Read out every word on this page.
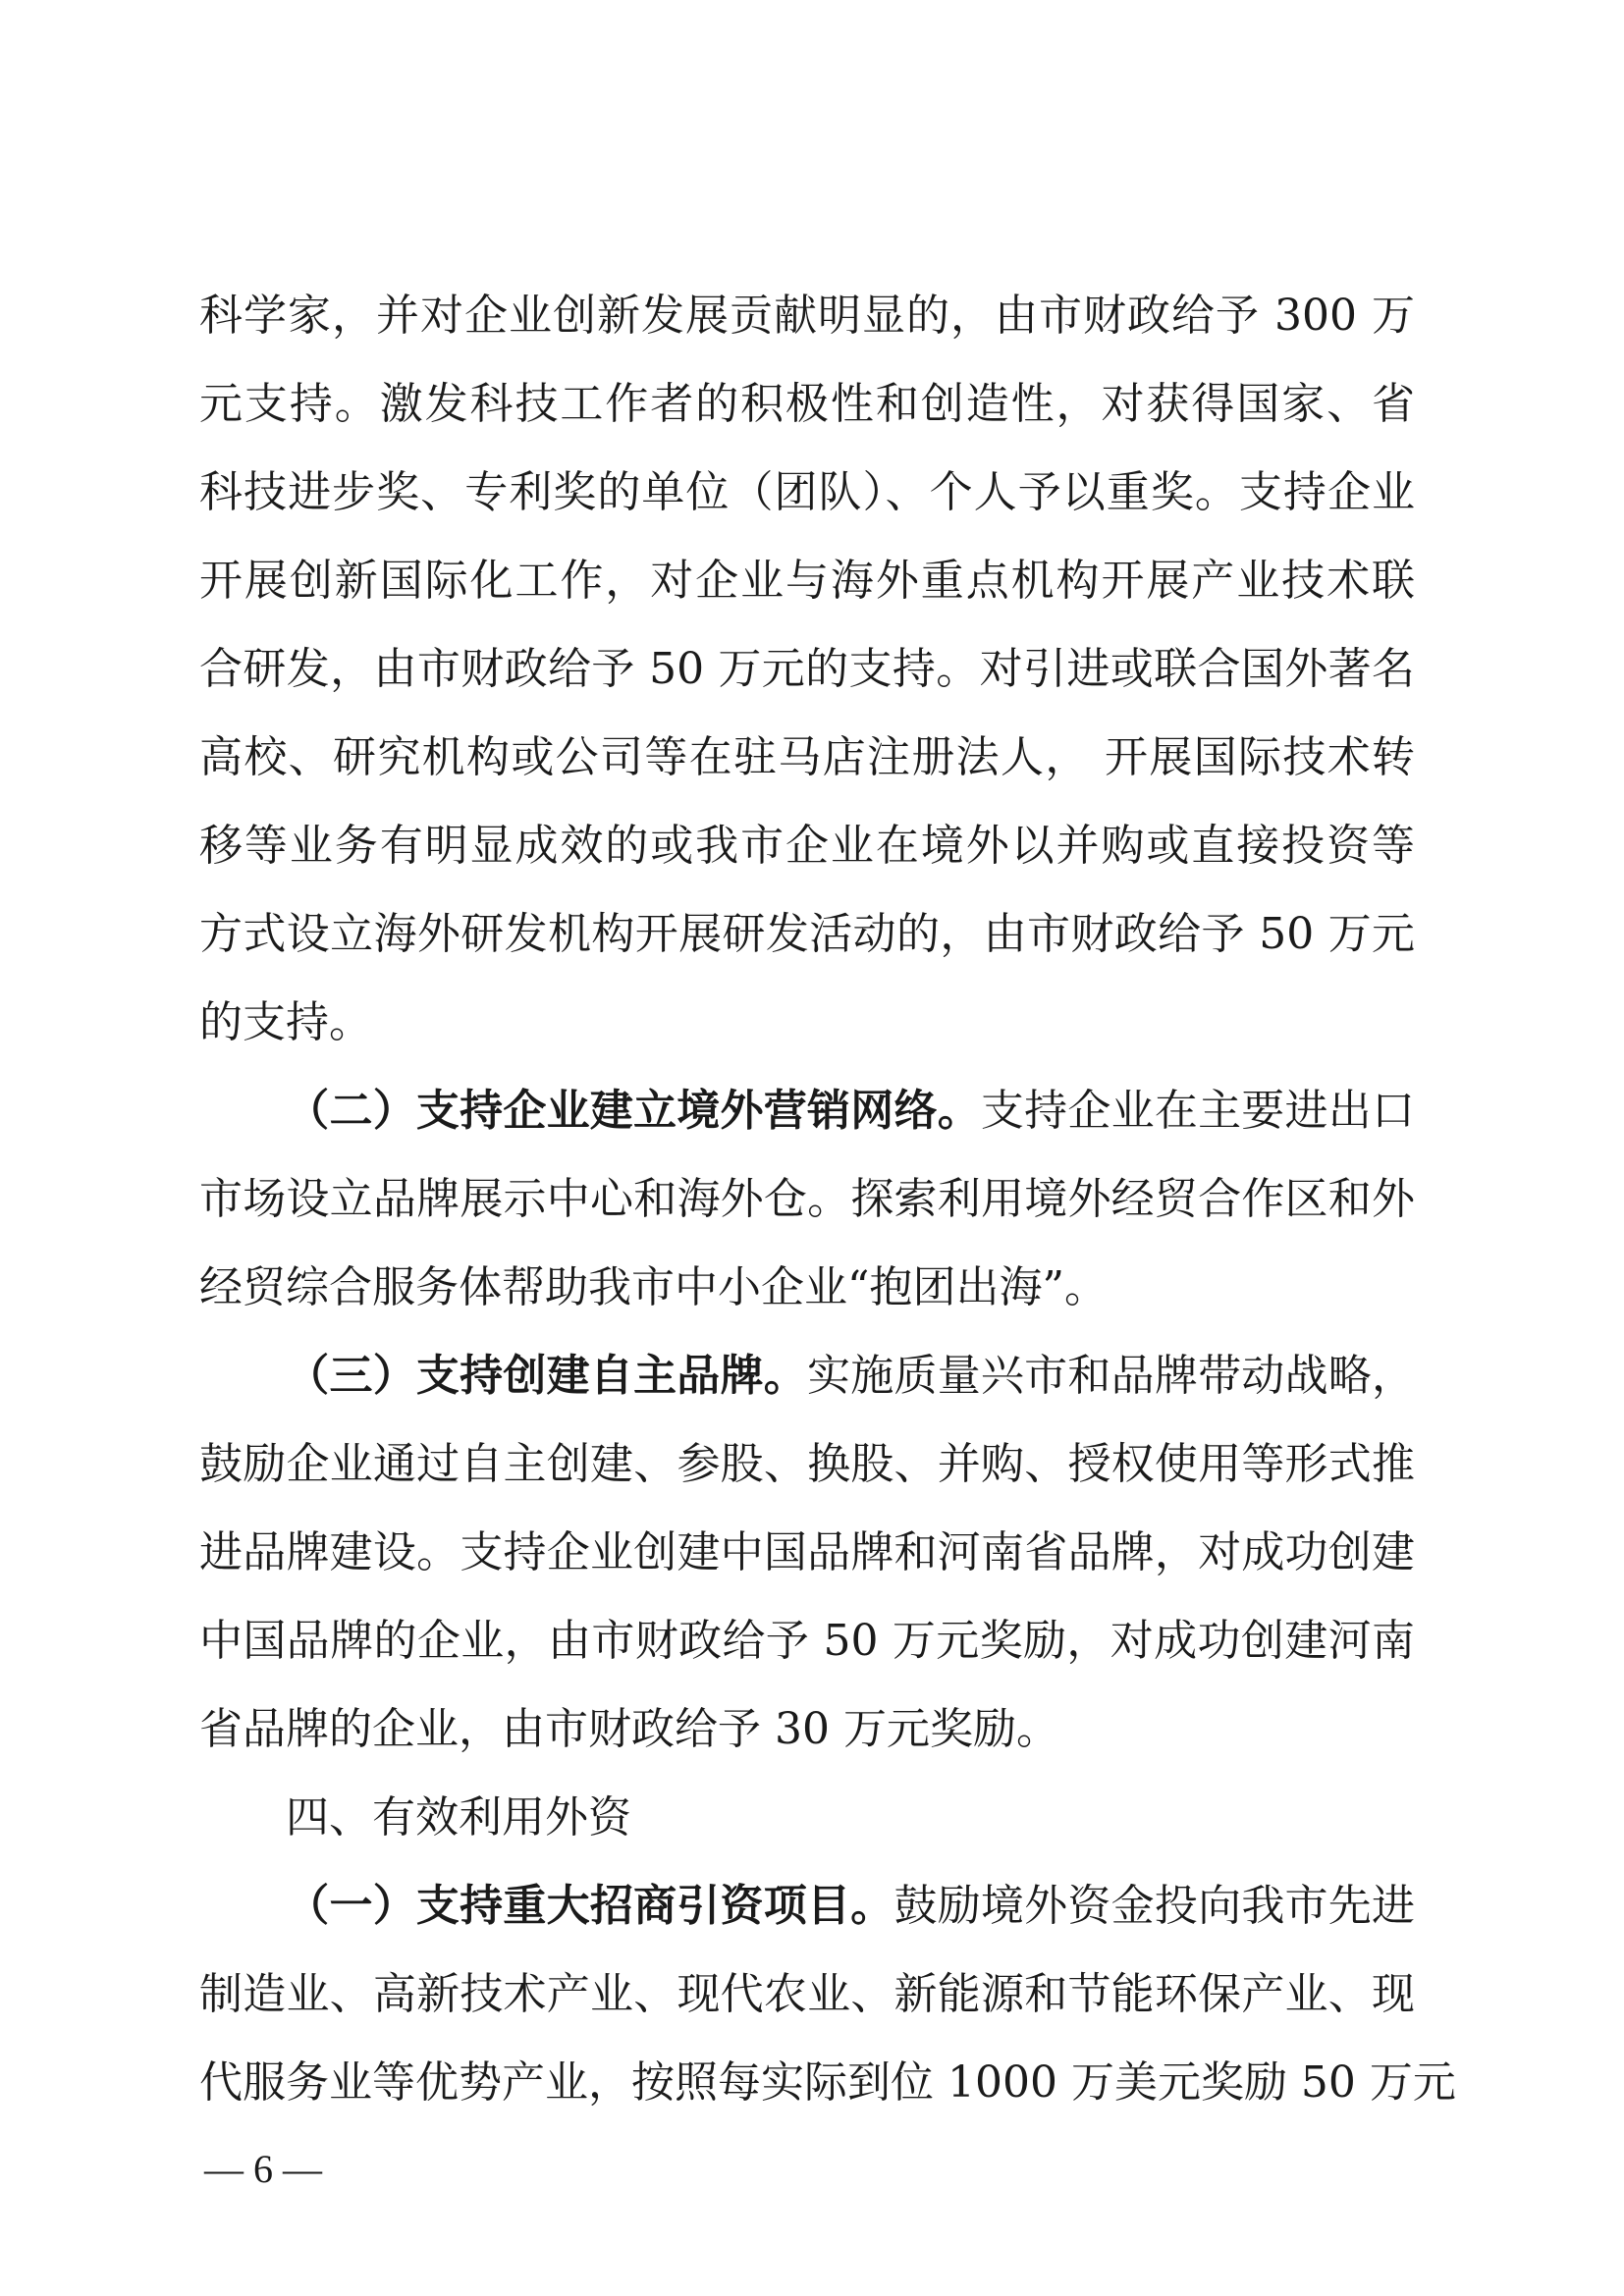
科学家，并对企业创新发展贡献明显的，由市财政给予 300 万
元支持。激发科技工作者的积极性和创造性，对获得国家、省
科技进步奖、专利奖的单位（团队）、个人予以重奖。支持企业
开展创新国际化工作，对企业与海外重点机构开展产业技术联
合研发，由市财政给予 50 万元的支持。对引进或联合国外著名
高校、研究机构或公司等在驻马店注册法人， 开展国际技术转
移等业务有明显成效的或我市企业在境外以并购或直接投资等
方式设立海外研发机构开展研发活动的，由市财政给予 50 万元
的支持。
（二）支持企业建立境外营销网络。支持企业在主要进出口
市场设立品牌展示中心和海外仓。探索利用境外经贸合作区和外
经贸综合服务体帮助我市中小企业“抱团出海”。
（三）支持创建自主品牌。实施质量兴市和品牌带动战略，
鼓励企业通过自主创建、参股、换股、并购、授权使用等形式推
进品牌建设。支持企业创建中国品牌和河南省品牌，对成功创建
中国品牌的企业，由市财政给予 50 万元奖励，对成功创建河南
省品牌的企业，由市财政给予 30 万元奖励。
四、有效利用外资
（一）支持重大招商引资项目。鼓励境外资金投向我市先进
制造业、高新技术产业、现代农业、新能源和节能环保产业、现
代服务业等优势产业，按照每实际到位 1000 万美元奖励 50 万元
— 6 —
